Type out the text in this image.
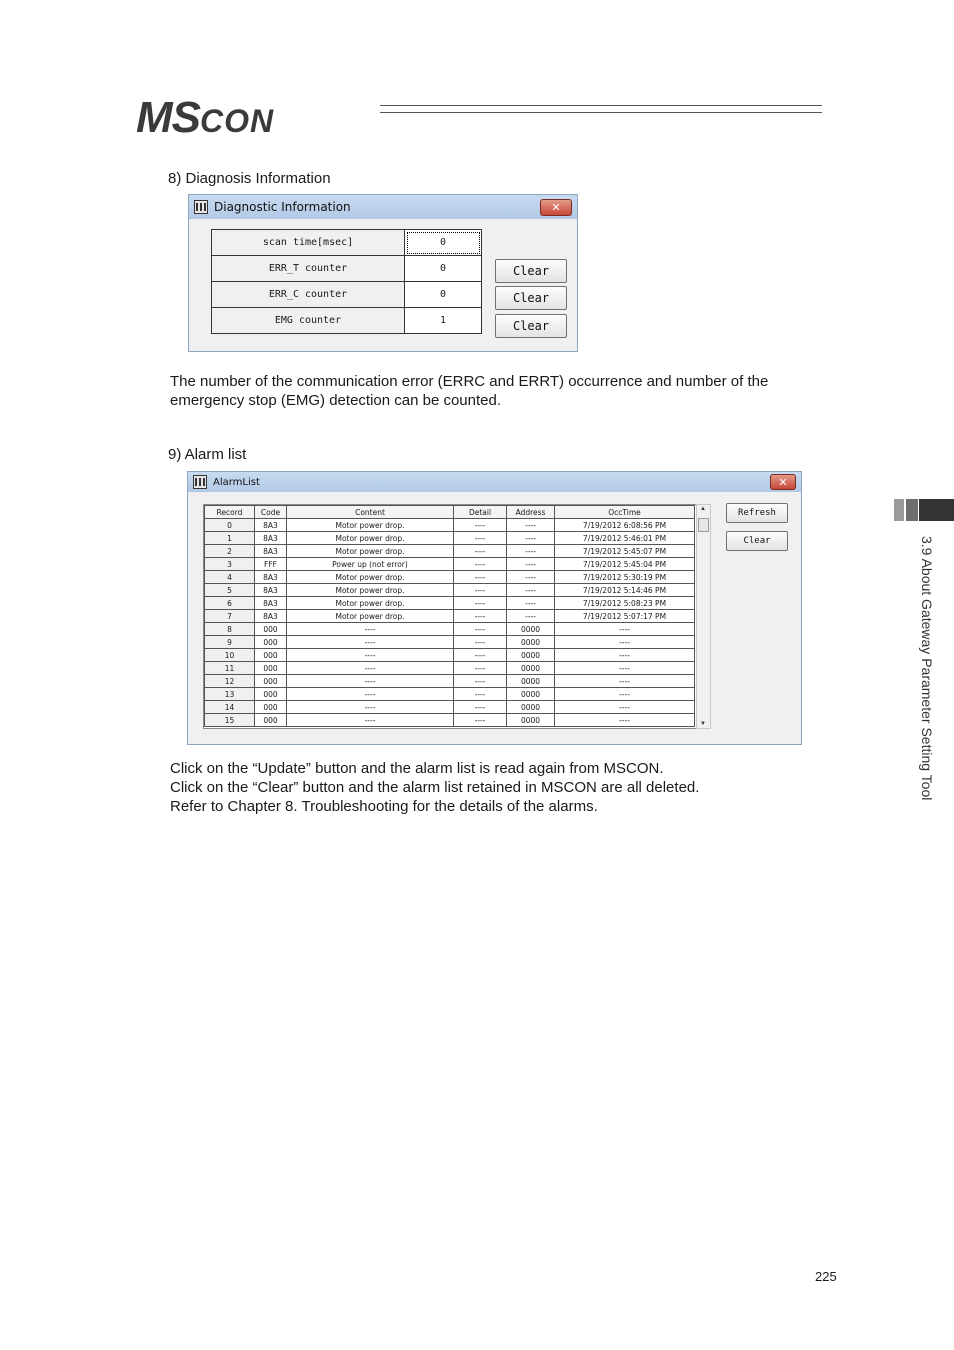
MSCON
3.9 About Gateway Parameter Setting Tool
8) Diagnosis Information
Diagnostic Information	✕
scan time[msec]	0
ERR_T counter	0
ERR_C counter	0
EMG counter	1
Clear
Clear
Clear
The number of the communication error (ERRC and ERRT) occurrence and number of the
emergency stop (EMG) detection can be counted.
9) Alarm list
AlarmList	✕
Record	Code	Content	Detail	Address	OccTime
0	8A3	Motor power drop.	----	----	7/19/2012 6:08:56 PM
1	8A3	Motor power drop.	----	----	7/19/2012 5:46:01 PM
2	8A3	Motor power drop.	----	----	7/19/2012 5:45:07 PM
3	FFF	Power up (not error)	----	----	7/19/2012 5:45:04 PM
4	8A3	Motor power drop.	----	----	7/19/2012 5:30:19 PM
5	8A3	Motor power drop.	----	----	7/19/2012 5:14:46 PM
6	8A3	Motor power drop.	----	----	7/19/2012 5:08:23 PM
7	8A3	Motor power drop.	----	----	7/19/2012 5:07:17 PM
8	000	----	----	0000	----
9	000	----	----	0000	----
10	000	----	----	0000	----
11	000	----	----	0000	----
12	000	----	----	0000	----
13	000	----	----	0000	----
14	000	----	----	0000	----
15	000	----	----	0000	----
▲
▼
Refresh
Clear
Click on the “Update” button and the alarm list is read again from MSCON.
Click on the “Clear” button and the alarm list retained in MSCON are all deleted.
Refer to Chapter 8. Troubleshooting for the details of the alarms.
225
